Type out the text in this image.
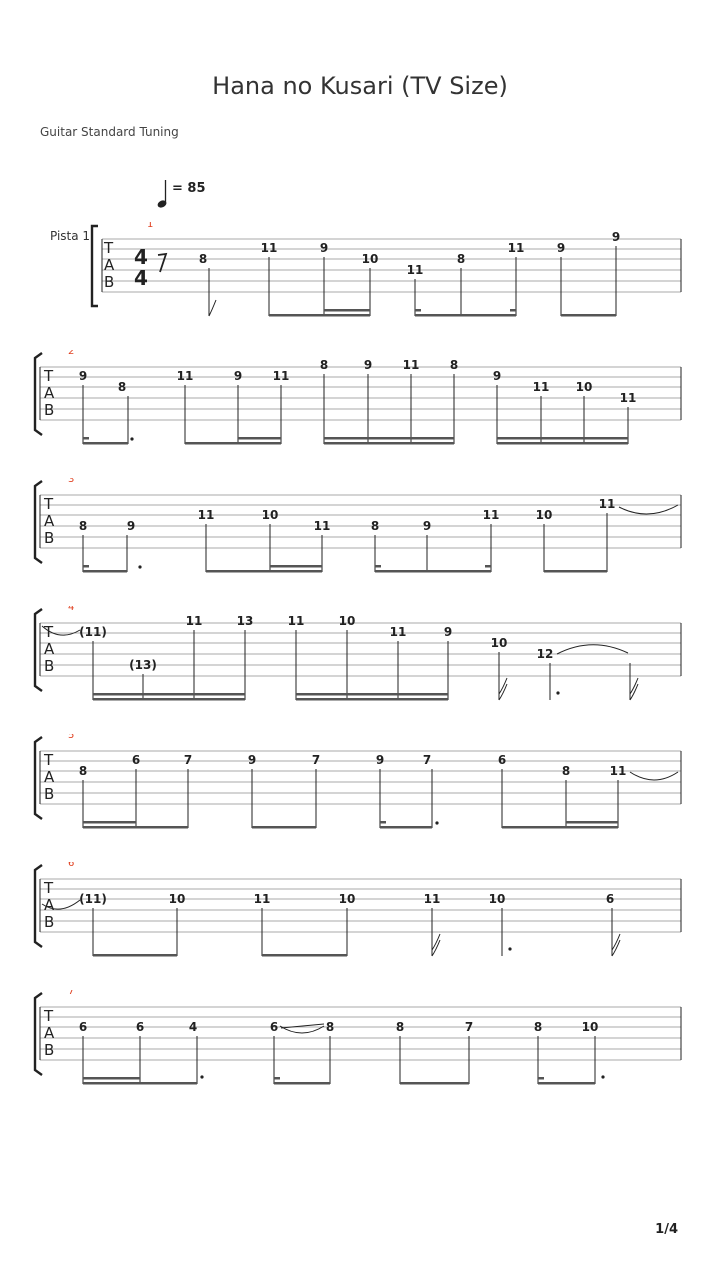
Hana no Kusari (TV Size)
Guitar Standard Tuning
= 85
Pista 1
1
T
A
B
4
4
8
11	9
10
11
8
11	9
9
2
T
A
B
9
8
11	9	11
8	9	11	8
9
11 10
11
3
T
A
B
8	9
11	10
11	8	9
11	10
11
4
T
A
B
(11)
(13)
11	13	11	10
11	9
10
12
5
T
A
B
8
6	7	9	7	9	7	6
8	11
6
T
A
B
(11)	10	11	10	11	10	6
7
T
A
B
6	6	4	6	8	8	7	8	10
1/4
